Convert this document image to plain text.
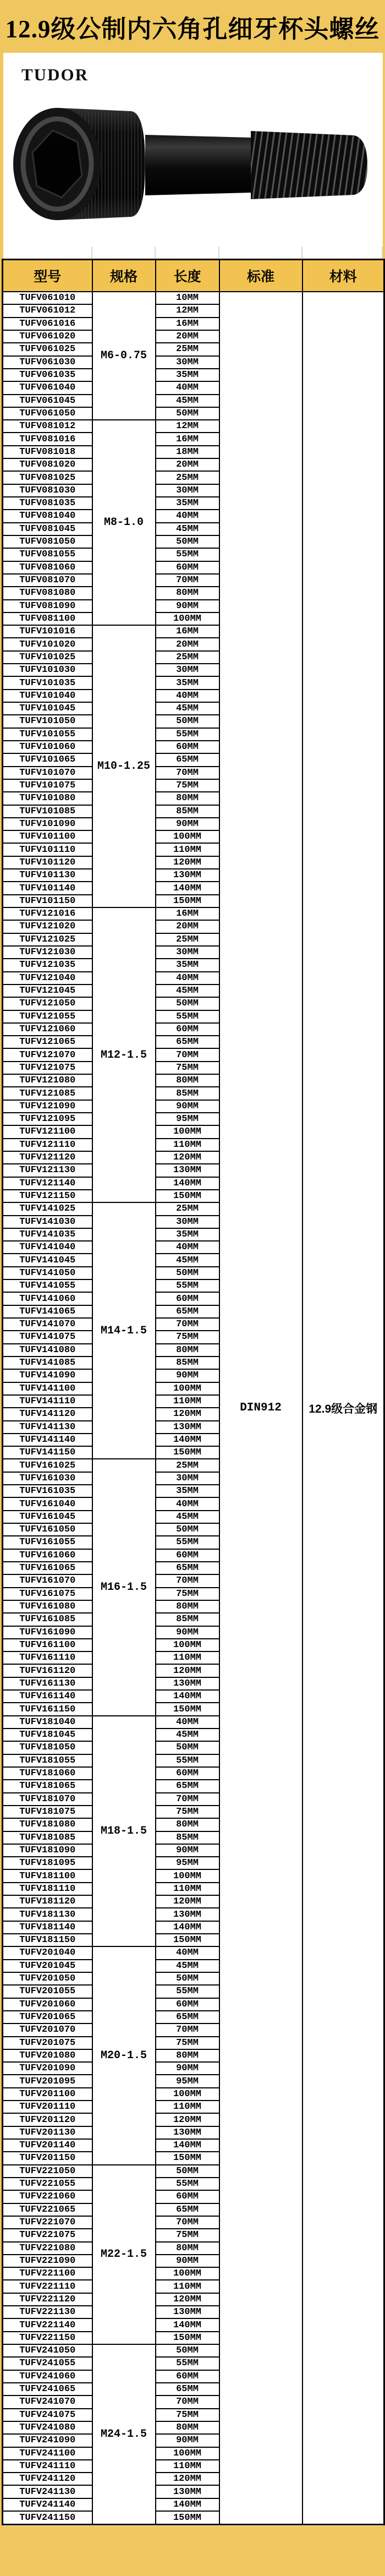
12.9级公制内六角孔细牙杯头螺丝
TUDOR
型号	规格	长度	标准	材料
TUFV061010	M6-0.75	10MM	DIN912	12.9级合金钢
TUFV061012		12MM		
TUFV061016		16MM		
TUFV061020		20MM		
TUFV061025		25MM		
TUFV061030		30MM		
TUFV061035		35MM		
TUFV061040		40MM		
TUFV061045		45MM		
TUFV061050		50MM		
TUFV081012	M8-1.0	12MM		
TUFV081016		16MM		
TUFV081018		18MM		
TUFV081020		20MM		
TUFV081025		25MM		
TUFV081030		30MM		
TUFV081035		35MM		
TUFV081040		40MM		
TUFV081045		45MM		
TUFV081050		50MM		
TUFV081055		55MM		
TUFV081060		60MM		
TUFV081070		70MM		
TUFV081080		80MM		
TUFV081090		90MM		
TUFV081100		100MM		
TUFV101016	M10-1.25	16MM		
TUFV101020		20MM		
TUFV101025		25MM		
TUFV101030		30MM		
TUFV101035		35MM		
TUFV101040		40MM		
TUFV101045		45MM		
TUFV101050		50MM		
TUFV101055		55MM		
TUFV101060		60MM		
TUFV101065		65MM		
TUFV101070		70MM		
TUFV101075		75MM		
TUFV101080		80MM		
TUFV101085		85MM		
TUFV101090		90MM		
TUFV101100		100MM		
TUFV101110		110MM		
TUFV101120		120MM		
TUFV101130		130MM		
TUFV101140		140MM		
TUFV101150		150MM		
TUFV121016	M12-1.5	16MM		
TUFV121020		20MM		
TUFV121025		25MM		
TUFV121030		30MM		
TUFV121035		35MM		
TUFV121040		40MM		
TUFV121045		45MM		
TUFV121050		50MM		
TUFV121055		55MM		
TUFV121060		60MM		
TUFV121065		65MM		
TUFV121070		70MM		
TUFV121075		75MM		
TUFV121080		80MM		
TUFV121085		85MM		
TUFV121090		90MM		
TUFV121095		95MM		
TUFV121100		100MM		
TUFV121110		110MM		
TUFV121120		120MM		
TUFV121130		130MM		
TUFV121140		140MM		
TUFV121150		150MM		
TUFV141025	M14-1.5	25MM		
TUFV141030		30MM		
TUFV141035		35MM		
TUFV141040		40MM		
TUFV141045		45MM		
TUFV141050		50MM		
TUFV141055		55MM		
TUFV141060		60MM		
TUFV141065		65MM		
TUFV141070		70MM		
TUFV141075		75MM		
TUFV141080		80MM		
TUFV141085		85MM		
TUFV141090		90MM		
TUFV141100		100MM		
TUFV141110		110MM		
TUFV141120		120MM		
TUFV141130		130MM		
TUFV141140		140MM		
TUFV141150		150MM		
TUFV161025	M16-1.5	25MM		
TUFV161030		30MM		
TUFV161035		35MM		
TUFV161040		40MM		
TUFV161045		45MM		
TUFV161050		50MM		
TUFV161055		55MM		
TUFV161060		60MM		
TUFV161065		65MM		
TUFV161070		70MM		
TUFV161075		75MM		
TUFV161080		80MM		
TUFV161085		85MM		
TUFV161090		90MM		
TUFV161100		100MM		
TUFV161110		110MM		
TUFV161120		120MM		
TUFV161130		130MM		
TUFV161140		140MM		
TUFV161150		150MM		
TUFV181040	M18-1.5	40MM		
TUFV181045		45MM		
TUFV181050		50MM		
TUFV181055		55MM		
TUFV181060		60MM		
TUFV181065		65MM		
TUFV181070		70MM		
TUFV181075		75MM		
TUFV181080		80MM		
TUFV181085		85MM		
TUFV181090		90MM		
TUFV181095		95MM		
TUFV181100		100MM		
TUFV181110		110MM		
TUFV181120		120MM		
TUFV181130		130MM		
TUFV181140		140MM		
TUFV181150		150MM		
TUFV201040	M20-1.5	40MM		
TUFV201045		45MM		
TUFV201050		50MM		
TUFV201055		55MM		
TUFV201060		60MM		
TUFV201065		65MM		
TUFV201070		70MM		
TUFV201075		75MM		
TUFV201080		80MM		
TUFV201090		90MM		
TUFV201095		95MM		
TUFV201100		100MM		
TUFV201110		110MM		
TUFV201120		120MM		
TUFV201130		130MM		
TUFV201140		140MM		
TUFV201150		150MM		
TUFV221050	M22-1.5	50MM		
TUFV221055		55MM		
TUFV221060		60MM		
TUFV221065		65MM		
TUFV221070		70MM		
TUFV221075		75MM		
TUFV221080		80MM		
TUFV221090		90MM		
TUFV221100		100MM		
TUFV221110		110MM		
TUFV221120		120MM		
TUFV221130		130MM		
TUFV221140		140MM		
TUFV221150		150MM		
TUFV241050	M24-1.5	50MM		
TUFV241055		55MM		
TUFV241060		60MM		
TUFV241065		65MM		
TUFV241070		70MM		
TUFV241075		75MM		
TUFV241080		80MM		
TUFV241090		90MM		
TUFV241100		100MM		
TUFV241110		110MM		
TUFV241120		120MM		
TUFV241130		130MM		
TUFV241140		140MM		
TUFV241150		150MM		
